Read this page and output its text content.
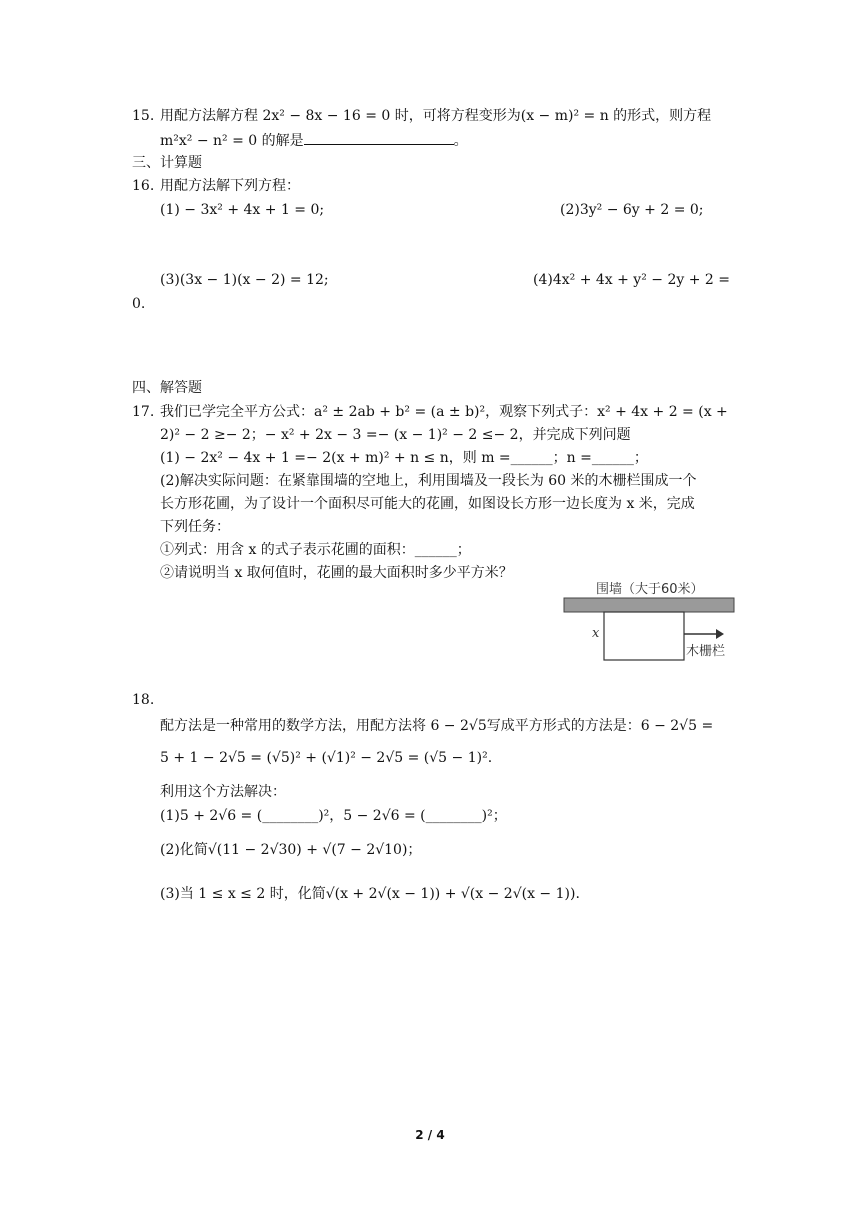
15. 用配方法解方程 2x² − 8x − 16 = 0 时，可将方程变形为(x − m)² = n 的形式，则方程
m²x² − n² = 0 的解是	。
三、计算题
16. 用配方法解下列方程：
(1) − 3x² + 4x + 1 = 0;	(2)3y² − 6y + 2 = 0;
(3)(3x − 1)(x − 2) = 12;	(4)4x² + 4x + y² − 2y + 2 =
0.
四、解答题
17. 我们已学完全平方公式：a² ± 2ab + b² = (a ± b)²，观察下列式子：x² + 4x + 2 = (x +
2)² − 2 ≥− 2；− x² + 2x − 3 =− (x − 1)² − 2 ≤− 2，并完成下列问题
(1) − 2x² − 4x + 1 =− 2(x + m)² + n ≤ n，则 m =______；n =______；
(2)解决实际问题：在紧靠围墙的空地上，利用围墙及一段长为 60 米的木栅栏围成一个
长方形花圃，为了设计一个面积尽可能大的花圃，如图设长方形一边长度为 x 米，完成
下列任务：
①列式：用含 x 的式子表示花圃的面积：______；
②请说明当 x 取何值时，花圃的最大面积时多少平方米？
围墙（大于60米）
x
木栅栏
18.
配方法是一种常用的数学方法，用配方法将 6 − 2√5写成平方形式的方法是：6 − 2√5 =
5 + 1 − 2√5 = (√5)² + (√1)² − 2√5 = (√5 − 1)².
利用这个方法解决：
(1)5 + 2√6 = (________)²，5 − 2√6 = (________)²；
(2)化简√(11 − 2√30) + √(7 − 2√10)；
(3)当 1 ≤ x ≤ 2 时，化简√(x + 2√(x − 1)) + √(x − 2√(x − 1)).
2 / 4
